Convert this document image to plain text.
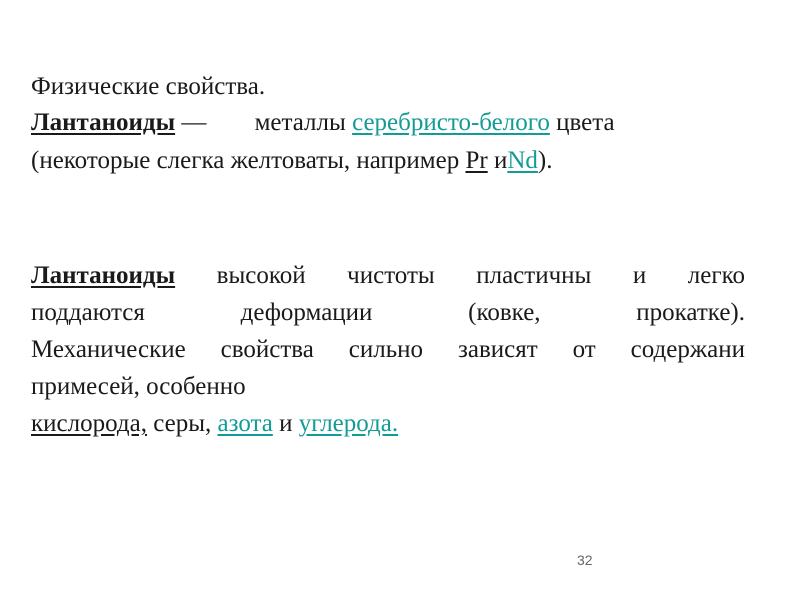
Физические свойства.

Лантаноиды — металлы серебристо-белого цвета
(некоторые слегка желтоваты, например Pr иNd).

Лантаноиды высокой чистоты пластичны и легко
поддаются деформации (ковке, прокатке).
Механические свойства сильно зависят от содержани
примесей, особенно
кислорода, серы, азота и углерода.
32
